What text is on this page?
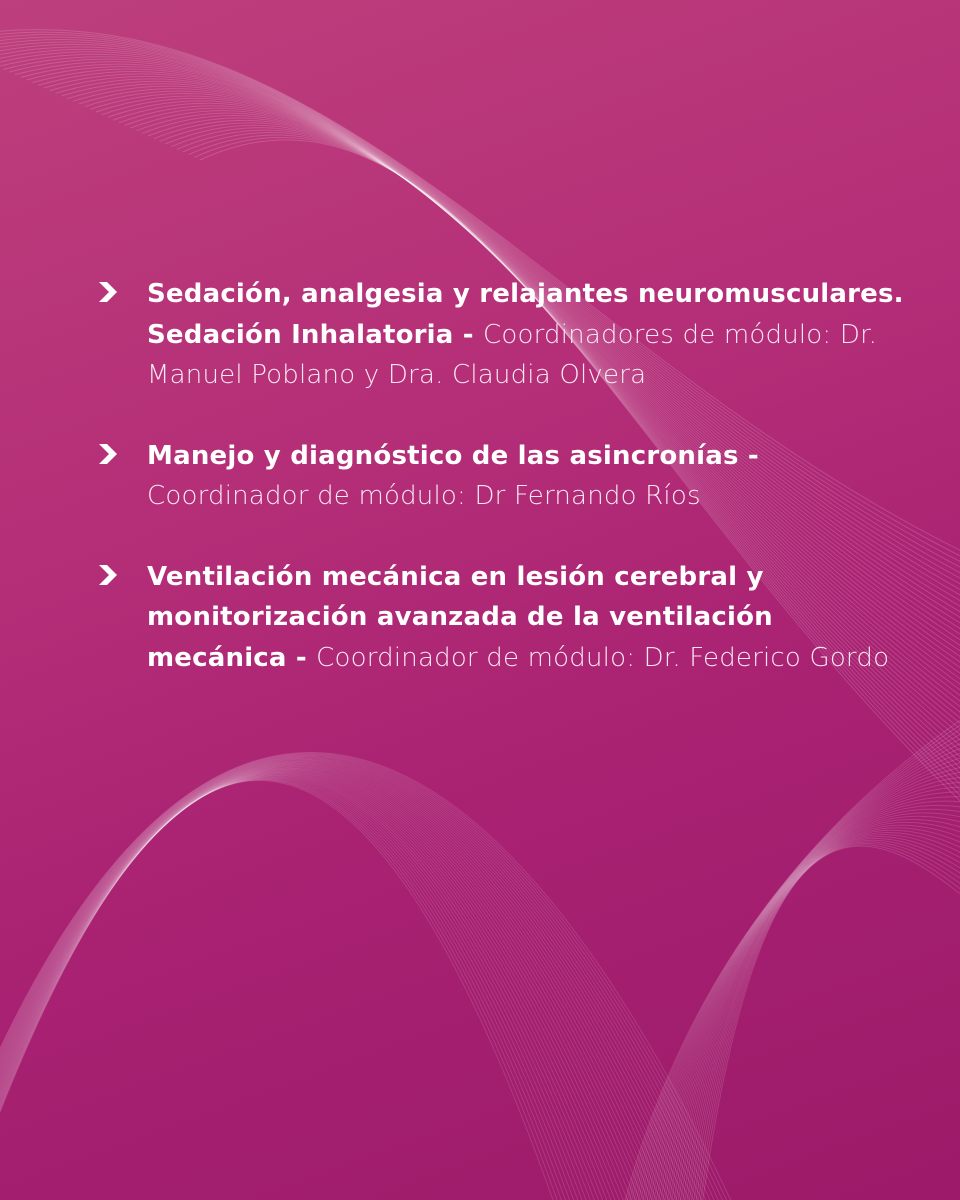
Sedación, analgesia y relajantes neuromusculares. Sedación Inhalatoria - Coordinadores de módulo: Dr. Manuel Poblano y Dra. Claudia Olvera
Manejo y diagnóstico de las asincronías - Coordinador de módulo: Dr Fernando Ríos
Ventilación mecánica en lesión cerebral y monitorización avanzada de la ventilación mecánica - Coordinador de módulo: Dr. Federico Gordo
